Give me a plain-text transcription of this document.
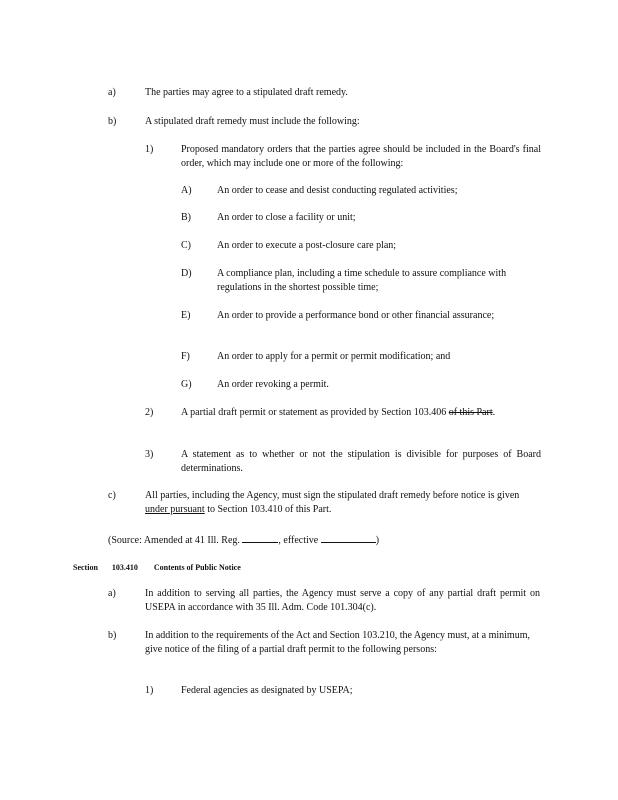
a)	The parties may agree to a stipulated draft remedy.
b)	A stipulated draft remedy must include the following:
1)	Proposed mandatory orders that the parties agree should be included in the Board's final order, which may include one or more of the following:
A)	An order to cease and desist conducting regulated activities;
B)	An order to close a facility or unit;
C)	An order to execute a post-closure care plan;
D)	A compliance plan, including a time schedule to assure compliance with regulations in the shortest possible time;
E)	An order to provide a performance bond or other financial assurance;
F)	An order to apply for a permit or permit modification; and
G)	An order revoking a permit.
2)	A partial draft permit or statement as provided by Section 103.406 of this Part.
3)	A statement as to whether or not the stipulation is divisible for purposes of Board determinations.
c)	All parties, including the Agency, must sign the stipulated draft remedy before notice is given under pursuant to Section 103.410 of this Part.
(Source: Amended at 41 Ill. Reg.	, effective	)
Section 103.410 Contents of Public Notice
a)	In addition to serving all parties, the Agency must serve a copy of any partial draft permit on USEPA in accordance with 35 Ill. Adm. Code 101.304(c).
b)	In addition to the requirements of the Act and Section 103.210, the Agency must, at a minimum, give notice of the filing of a partial draft permit to the following persons:
1)	Federal agencies as designated by USEPA;
